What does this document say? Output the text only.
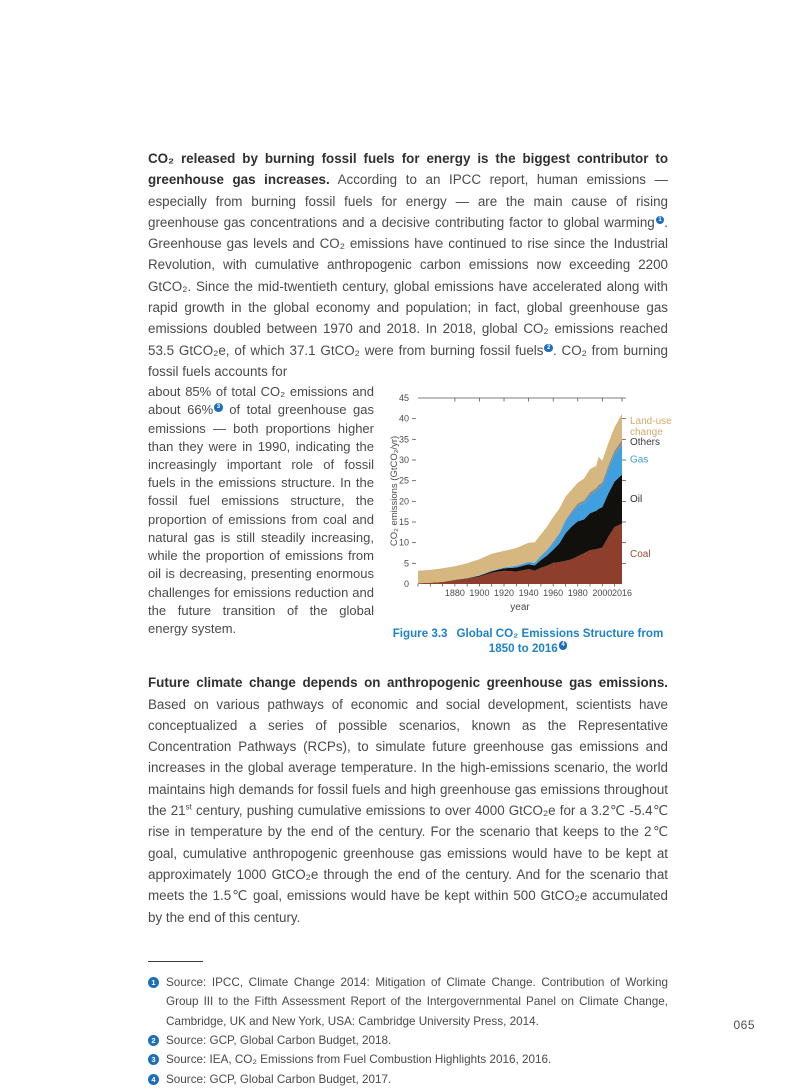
CO₂ released by burning fossil fuels for energy is the biggest contributor to greenhouse gas increases. According to an IPCC report, human emissions — especially from burning fossil fuels for energy — are the main cause of rising greenhouse gas concentrations and a decisive contributing factor to global warming 1 . Greenhouse gas levels and CO₂ emissions have continued to rise since the Industrial Revolution, with cumulative anthropogenic carbon emissions now exceeding 2200 GtCO₂. Since the mid-twentieth century, global emissions have accelerated along with rapid growth in the global economy and population; in fact, global greenhouse gas emissions doubled between 1970 and 2018. In 2018, global CO₂ emissions reached 53.5 GtCO₂e, of which 37.1 GtCO₂ were from burning fossil fuels 2 . CO₂ from burning fossil fuels accounts for

about 85% of total CO₂ emissions and about 66% 3 of total greenhouse gas emissions — both proportions higher than they were in 1990, indicating the increasingly important role of fossil fuels in the emissions structure. In the fossil fuel emissions structure, the proportion of emissions from coal and natural gas is still steadily increasing, while the proportion of emissions from oil is decreasing, presenting enormous challenges for emissions reduction and the future transition of the global energy system.

1880 1900 1920 1940 1960 1980 2000 2016
0
5
10
15
20
25
30
35
40
45
year
CO₂ emissions (GtCO₂/yr)
Coal
Oil
Gas
Others
Land-use
change
Figure 3.3 Global CO₂ Emissions Structure from
1850 to 2016 4

Future climate change depends on anthropogenic greenhouse gas emissions. Based on various pathways of economic and social development, scientists have conceptualized a series of possible scenarios, known as the Representative Concentration Pathways (RCPs), to simulate future greenhouse gas emissions and increases in the global average temperature. In the high-emissions scenario, the world maintains high demands for fossil fuels and high greenhouse gas emissions throughout the 21st century, pushing cumulative emissions to over 4000 GtCO₂e for a 3.2℃ -5.4℃ rise in temperature by the end of the century. For the scenario that keeps to the 2℃ goal, cumulative anthropogenic greenhouse gas emissions would have to be kept at approximately 1000 GtCO₂e through the end of the century. And for the scenario that meets the 1.5℃ goal, emissions would have be kept within 500 GtCO₂e accumulated by the end of this century.

1 Source: IPCC, Climate Change 2014: Mitigation of Climate Change. Contribution of Working Group III to the Fifth Assessment Report of the Intergovernmental Panel on Climate Change, Cambridge, UK and New York, USA: Cambridge University Press, 2014.
2 Source: GCP, Global Carbon Budget, 2018.
3 Source: IEA, CO₂ Emissions from Fuel Combustion Highlights 2016, 2016.
4 Source: GCP, Global Carbon Budget, 2017.
065
